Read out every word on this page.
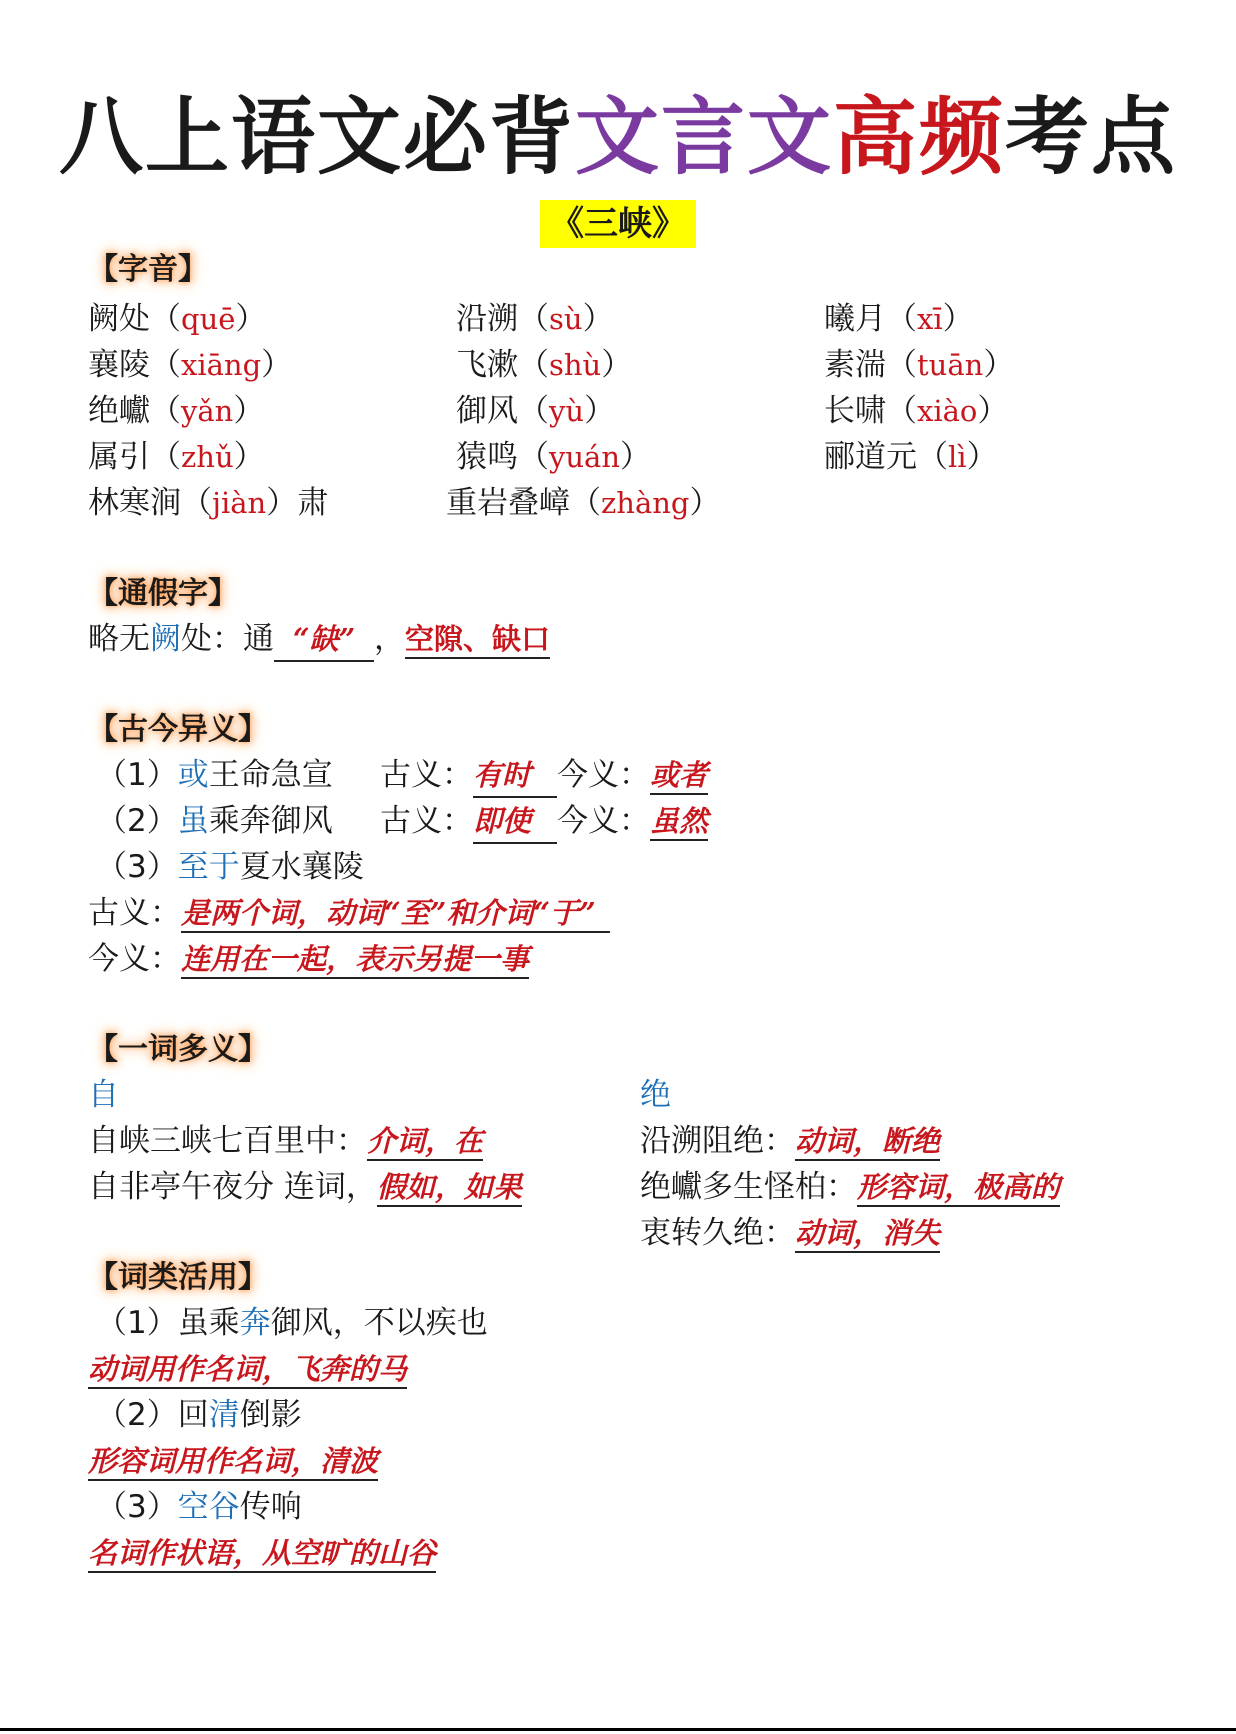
八上语文必背文言文高频考点
《三峡》
【字音】
阙处（quē）	沿溯（sù）	曦月（xī）
襄陵（xiāng）	飞漱（shù）	素湍（tuān）
绝巘（yǎn）	御风（yù）	长啸（xiào）
属引（zhǔ）	猿鸣（yuán）	郦道元（lì）
林寒涧（jiàn）肃	重岩叠嶂（zhàng）
【通假字】
略无阙处：通 “缺” ，空隙、缺口
【古今异义】
（1）或王命急宣 古义：有时 今义：或者
（2）虽乘奔御风 古义：即使 今义：虽然
（3）至于夏水襄陵
古义：是两个词，动词“至”和介词“于”
今义：连用在一起，表示另提一事
【一词多义】
自
自峡三峡七百里中：介词，在
自非亭午夜分 连词，假如，如果
绝
沿溯阻绝：动词，断绝
绝巘多生怪柏：形容词，极高的
衷转久绝：动词，消失
【词类活用】
（1）虽乘奔御风，不以疾也
动词用作名词，飞奔的马
（2）回清倒影
形容词用作名词，清波
（3）空谷传响
名词作状语，从空旷的山谷
